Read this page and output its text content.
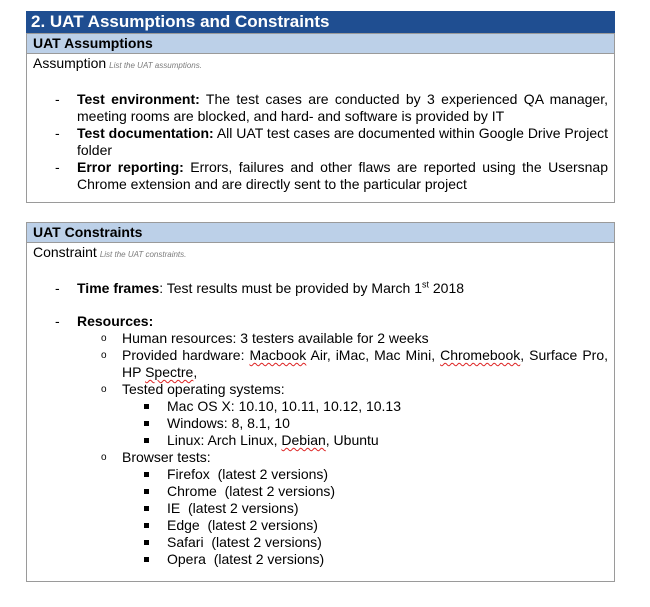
2. UAT Assumptions and Constraints
UAT Assumptions
Assumption List the UAT assumptions.
- Test environment: The test cases are conducted by 3 experienced QA manager, meeting rooms are blocked, and hard- and software is provided by IT
- Test documentation: All UAT test cases are documented within Google Drive Project folder
- Error reporting: Errors, failures and other flaws are reported using the Usersnap Chrome extension and are directly sent to the particular project
UAT Constraints
Constraint List the UAT constraints.
- Time frames: Test results must be provided by March 1st 2018
- Resources:
o Human resources: 3 testers available for 2 weeks
o Provided hardware: Macbook Air, iMac, Mac Mini, Chromebook, Surface Pro, HP Spectre,
o Tested operating systems:
Mac OS X: 10.10, 10.11, 10.12, 10.13
Windows: 8, 8.1, 10
Linux: Arch Linux, Debian, Ubuntu
o Browser tests:
Firefox  (latest 2 versions)
Chrome  (latest 2 versions)
IE  (latest 2 versions)
Edge  (latest 2 versions)
Safari  (latest 2 versions)
Opera  (latest 2 versions)
